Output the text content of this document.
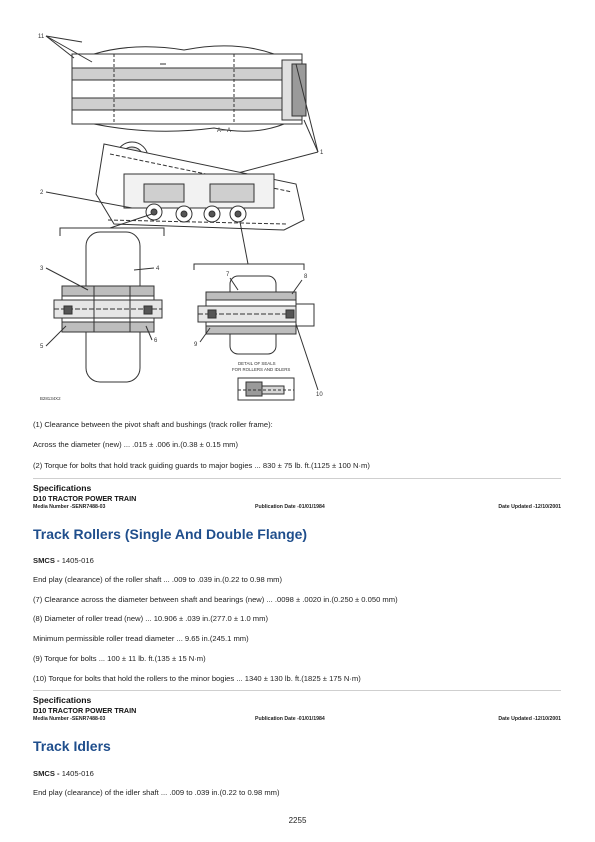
A—A
11
1
2
3	4
5
6
7	8
9
DETAIL OF SEALS
FOR ROLLERS AND IDLERS
10
B28134X2
(1) Clearance between the pivot shaft and bushings (track roller frame):
Across the diameter (new) ... .015 ± .006 in.(0.38 ± 0.15 mm)
(2) Torque for bolts that hold track guiding guards to major bogies ... 830 ± 75 lb. ft.(1125 ± 100 N·m)
Specifications
D10 TRACTOR POWER TRAIN
Media Number -SENR7488-03	Publication Date -01/01/1984	Date Updated -12/10/2001
Track Rollers (Single And Double Flange)
SMCS - 1405-016
End play (clearance) of the roller shaft ... .009 to .039 in.(0.22 to 0.98 mm)
(7) Clearance across the diameter between shaft and bearings (new) ... .0098 ± .0020 in.(0.250 ± 0.050 mm)
(8) Diameter of roller tread (new) ... 10.906 ± .039 in.(277.0 ± 1.0 mm)
Minimum permissible roller tread diameter ... 9.65 in.(245.1 mm)
(9) Torque for bolts ... 100 ± 11 lb. ft.(135 ± 15 N·m)
(10) Torque for bolts that hold the rollers to the minor bogies ... 1340 ± 130 lb. ft.(1825 ± 175 N·m)
Specifications
D10 TRACTOR POWER TRAIN
Media Number -SENR7488-03	Publication Date -01/01/1984	Date Updated -12/10/2001
Track Idlers
SMCS - 1405-016
End play (clearance) of the idler shaft ... .009 to .039 in.(0.22 to 0.98 mm)
2255
